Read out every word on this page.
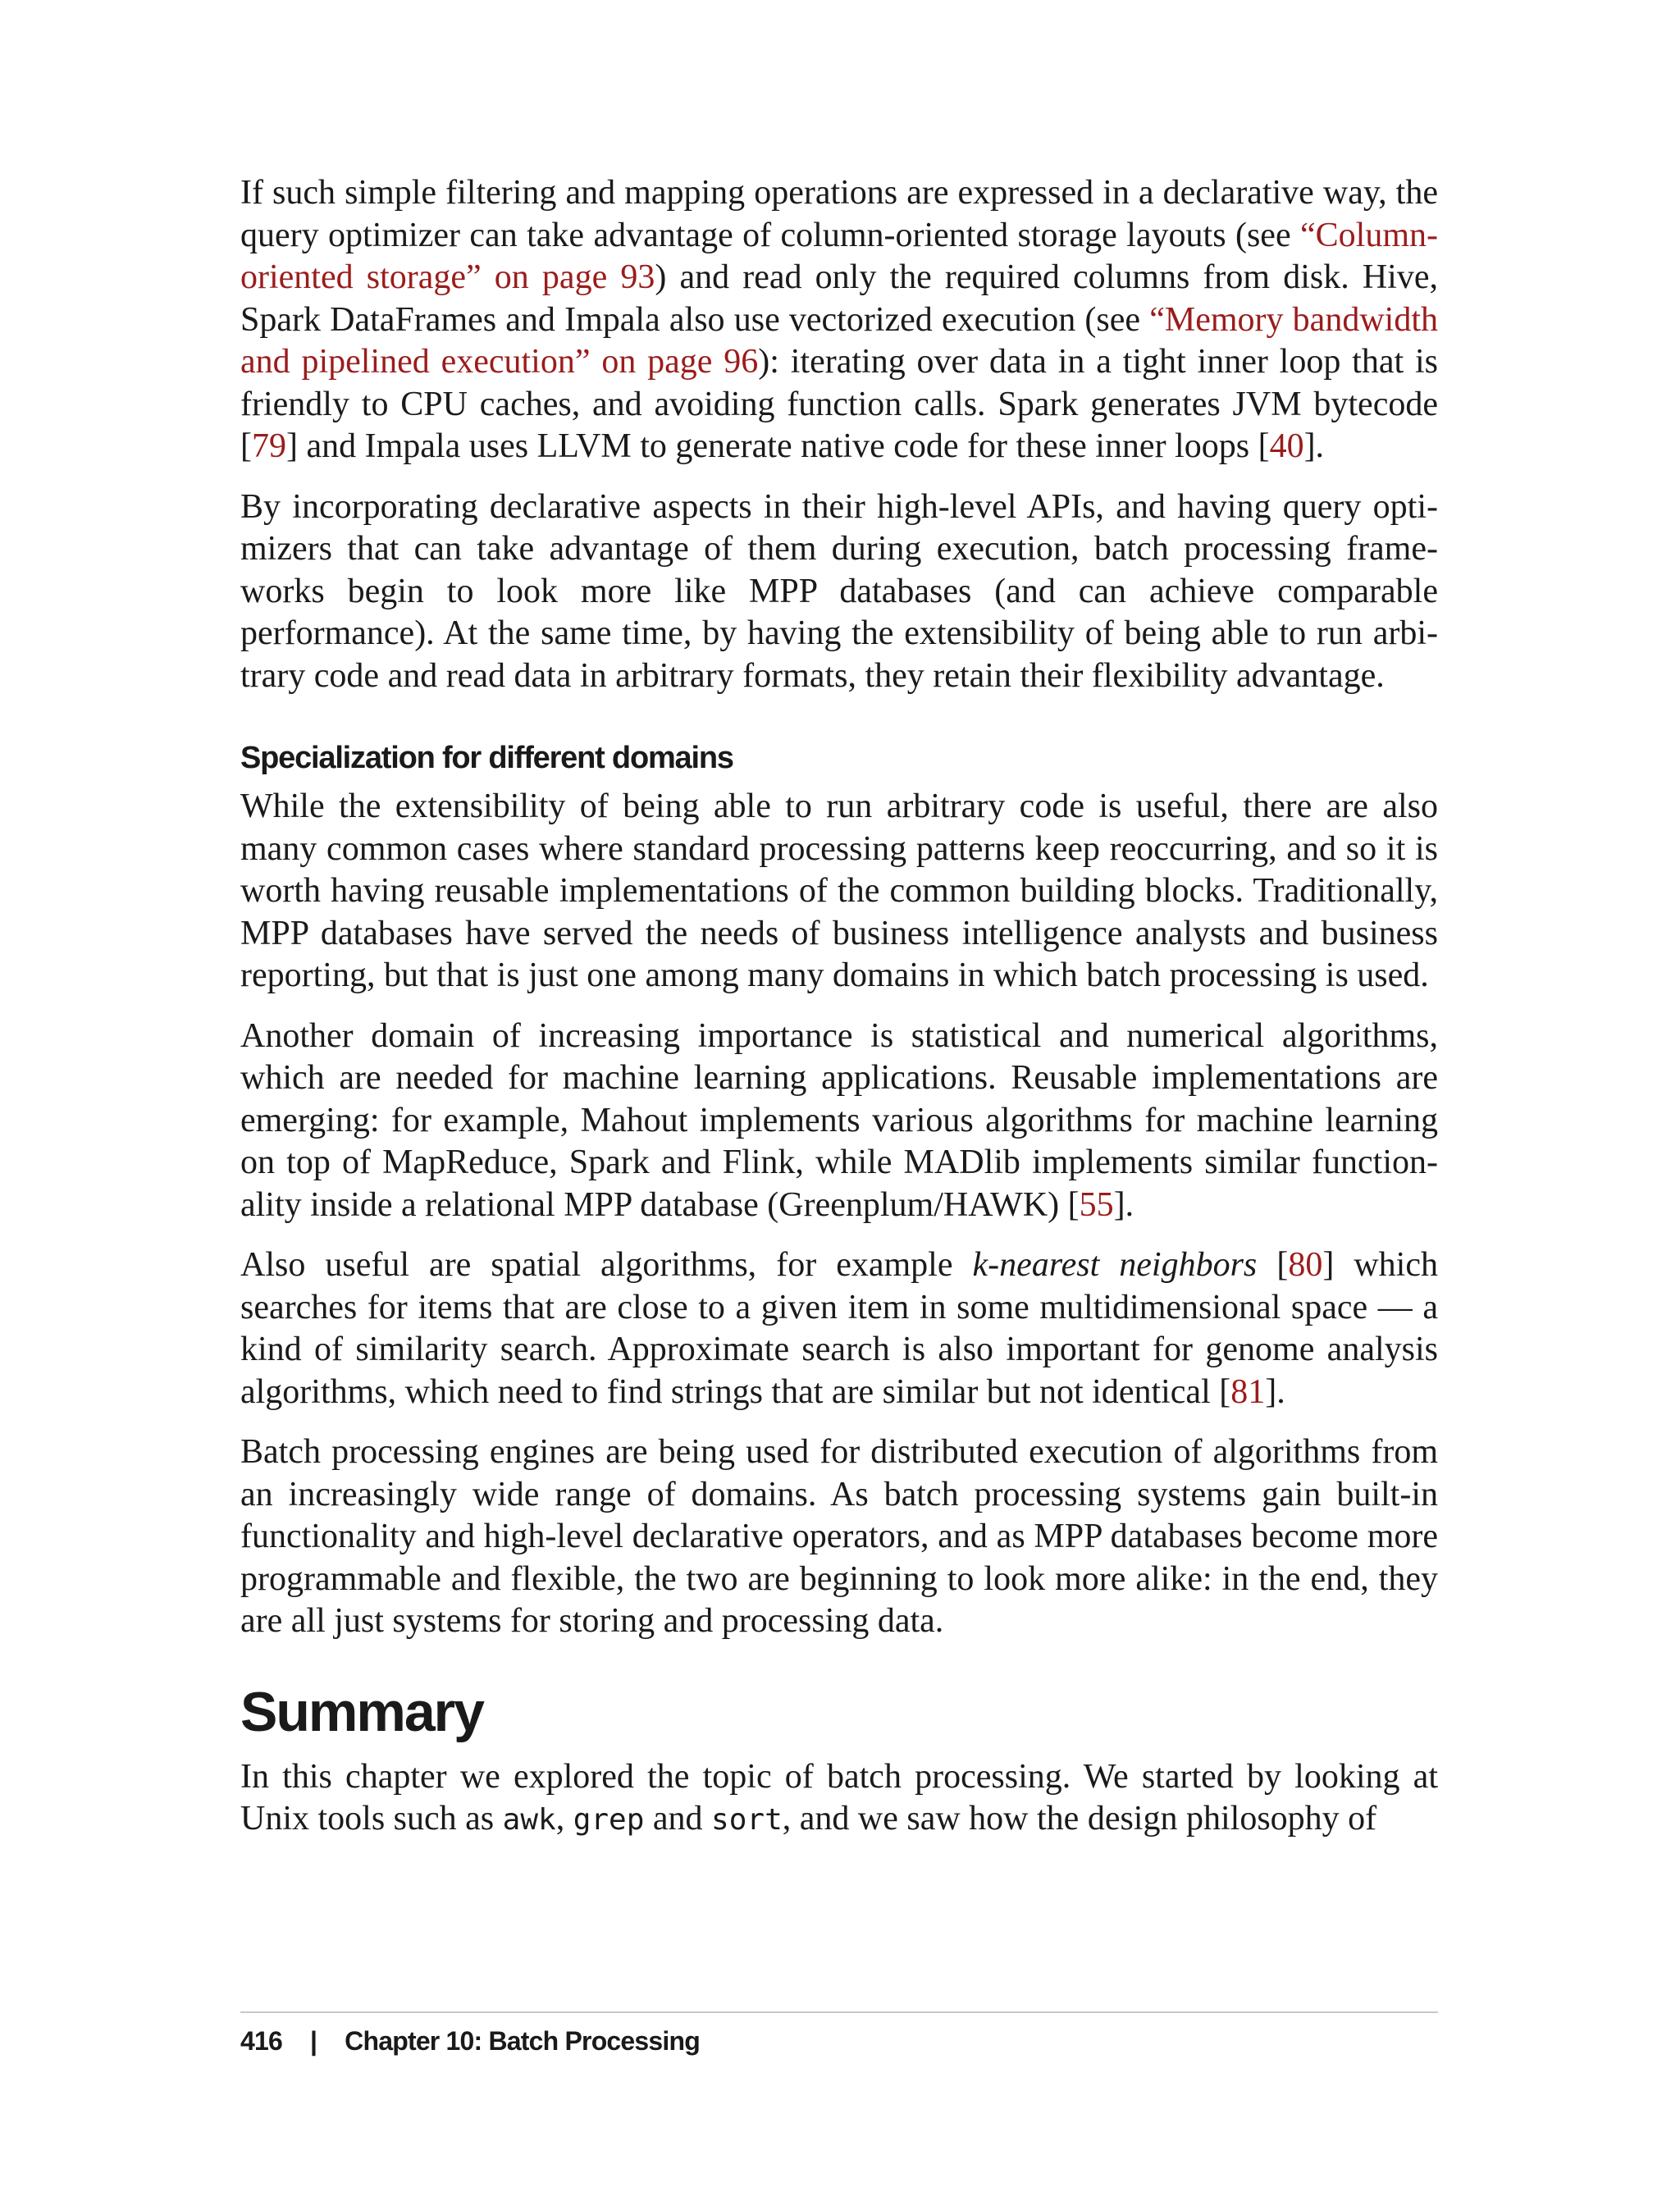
If such simple filtering and mapping operations are expressed in a declarative way, the query optimizer can take advantage of column-oriented storage layouts (see “Column-oriented storage” on page 93) and read only the required columns from disk. Hive, Spark DataFrames and Impala also use vectorized execution (see “Memory bandwidth and pipelined execution” on page 96): iterating over data in a tight inner loop that is friendly to CPU caches, and avoiding function calls. Spark generates JVM bytecode [79] and Impala uses LLVM to generate native code for these inner loops [40].

By incorporating declarative aspects in their high-level APIs, and having query optimizers that can take advantage of them during execution, batch processing frameworks begin to look more like MPP databases (and can achieve comparable performance). At the same time, by having the extensibility of being able to run arbitrary code and read data in arbitrary formats, they retain their flexibility advantage.

Specialization for different domains

While the extensibility of being able to run arbitrary code is useful, there are also many common cases where standard processing patterns keep reoccurring, and so it is worth having reusable implementations of the common building blocks. Traditionally, MPP databases have served the needs of business intelligence analysts and business reporting, but that is just one among many domains in which batch processing is used.

Another domain of increasing importance is statistical and numerical algorithms, which are needed for machine learning applications. Reusable implementations are emerging: for example, Mahout implements various algorithms for machine learning on top of MapReduce, Spark and Flink, while MADlib implements similar functionality inside a relational MPP database (Greenplum/HAWK) [55].

Also useful are spatial algorithms, for example k-nearest neighbors [80] which searches for items that are close to a given item in some multidimensional space — a kind of similarity search. Approximate search is also important for genome analysis algorithms, which need to find strings that are similar but not identical [81].

Batch processing engines are being used for distributed execution of algorithms from an increasingly wide range of domains. As batch processing systems gain built-in functionality and high-level declarative operators, and as MPP databases become more programmable and flexible, the two are beginning to look more alike: in the end, they are all just systems for storing and processing data.

Summary

In this chapter we explored the topic of batch processing. We started by looking at Unix tools such as awk, grep and sort, and we saw how the design philosophy of

416 | Chapter 10: Batch Processing
